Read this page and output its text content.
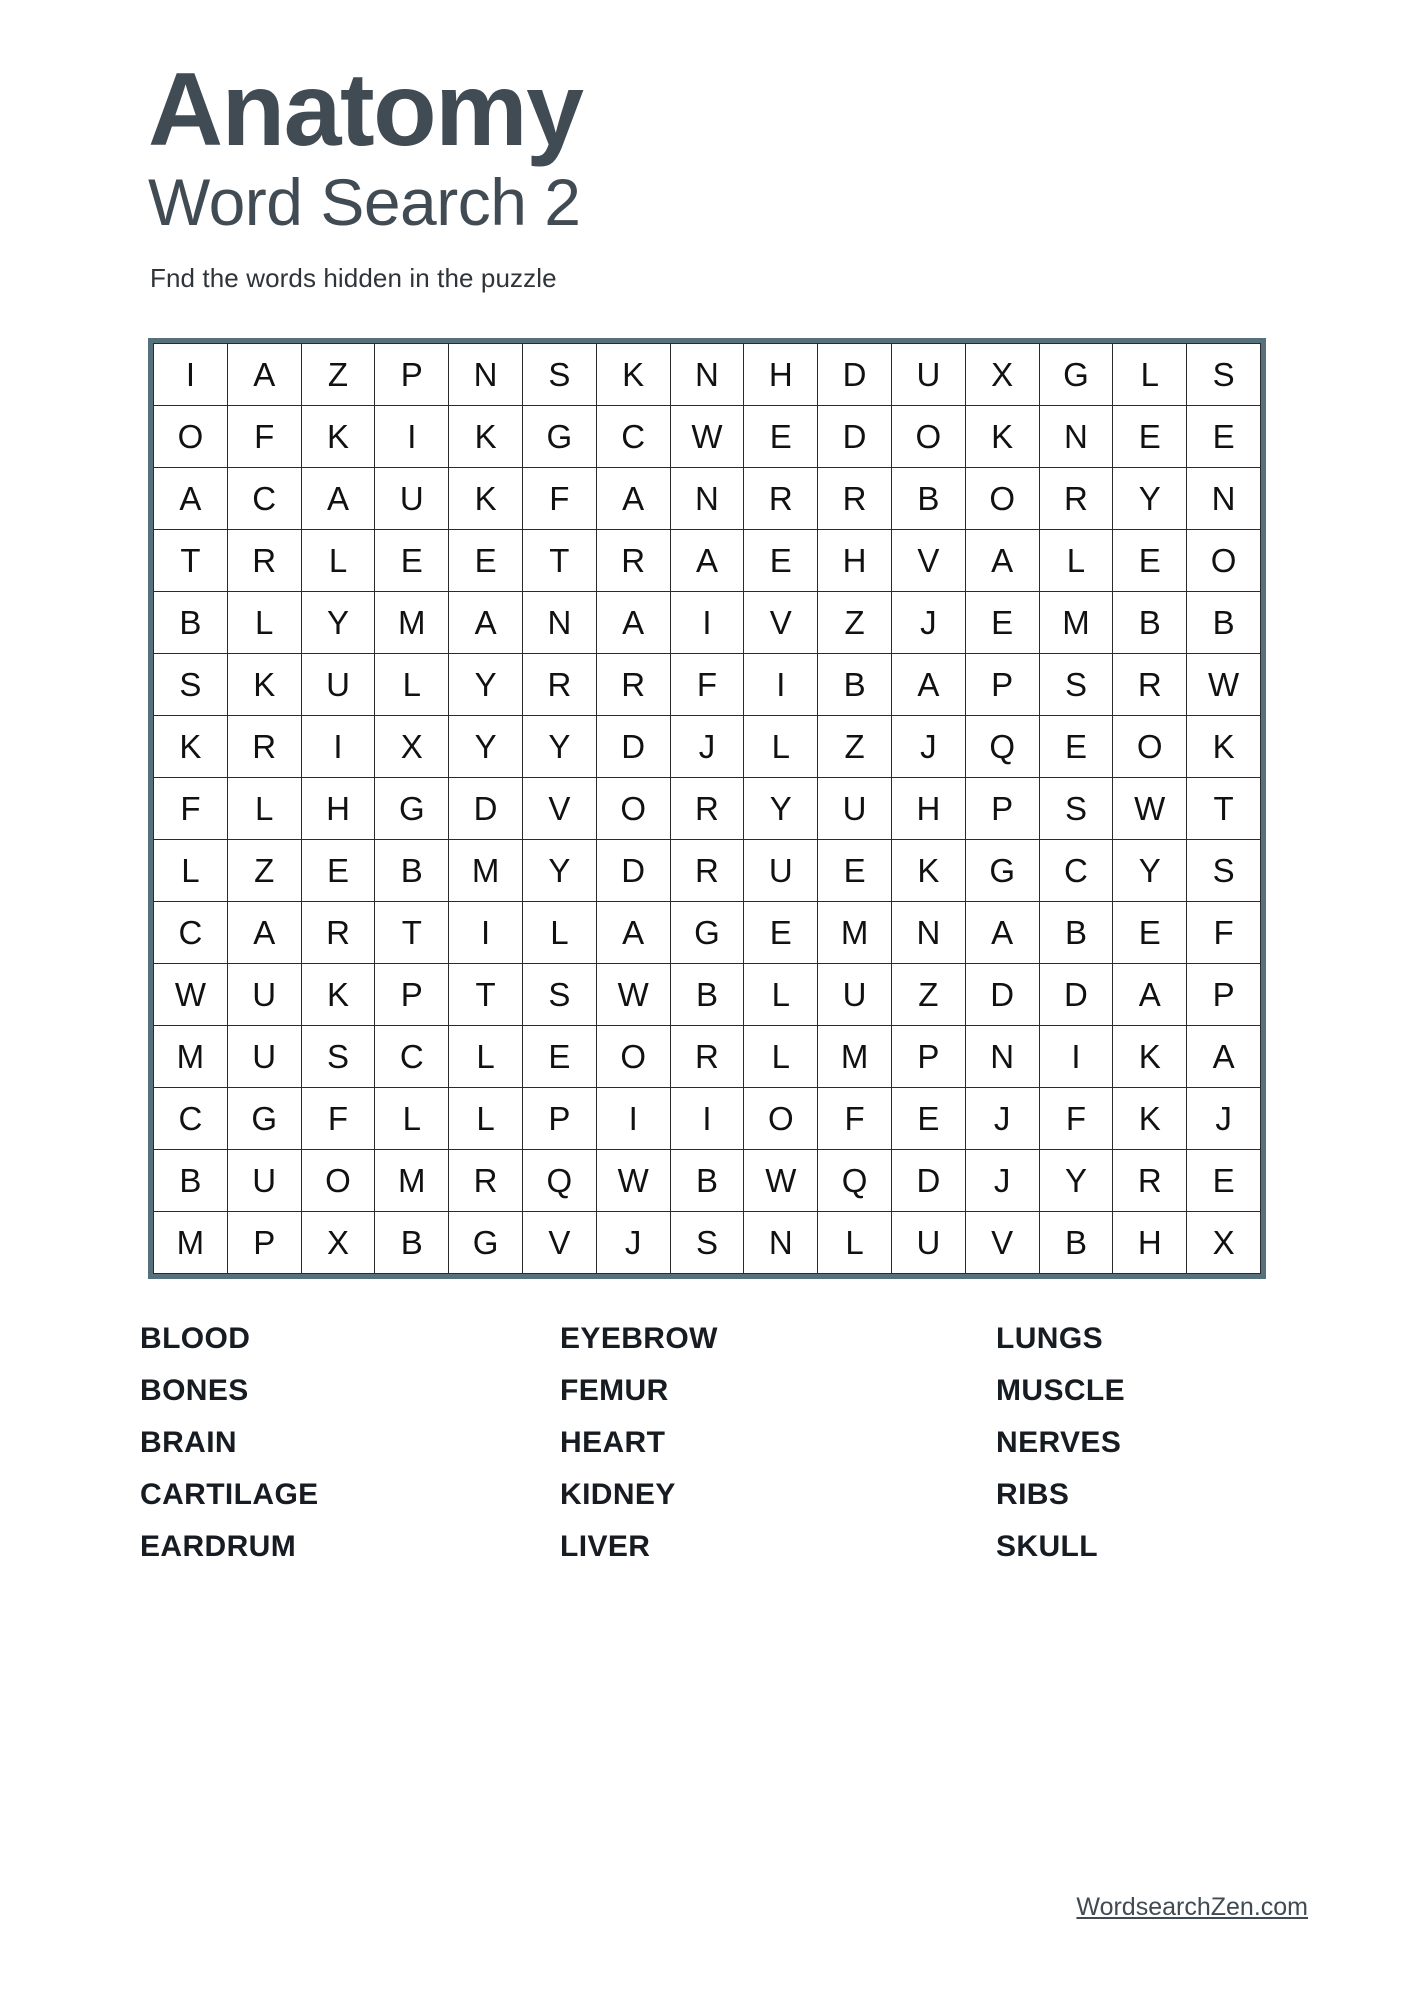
Anatomy
Word Search 2

Fnd the words hidden in the puzzle

I	A	Z	P	N	S	K	N	H	D	U	X	G	L	S
O	F	K	I	K	G	C	W	E	D	O	K	N	E	E
A	C	A	U	K	F	A	N	R	R	B	O	R	Y	N
T	R	L	E	E	T	R	A	E	H	V	A	L	E	O
B	L	Y	M	A	N	A	I	V	Z	J	E	M	B	B
S	K	U	L	Y	R	R	F	I	B	A	P	S	R	W
K	R	I	X	Y	Y	D	J	L	Z	J	Q	E	O	K
F	L	H	G	D	V	O	R	Y	U	H	P	S	W	T
L	Z	E	B	M	Y	D	R	U	E	K	G	C	Y	S
C	A	R	T	I	L	A	G	E	M	N	A	B	E	F
W	U	K	P	T	S	W	B	L	U	Z	D	D	A	P
M	U	S	C	L	E	O	R	L	M	P	N	I	K	A
C	G	F	L	L	P	I	I	O	F	E	J	F	K	J
B	U	O	M	R	Q	W	B	W	Q	D	J	Y	R	E
M	P	X	B	G	V	J	S	N	L	U	V	B	H	X
BLOOD
BONES
BRAIN
CARTILAGE
EARDRUM
EYEBROW
FEMUR
HEART
KIDNEY
LIVER
LUNGS
MUSCLE
NERVES
RIBS
SKULL
WordsearchZen.com
